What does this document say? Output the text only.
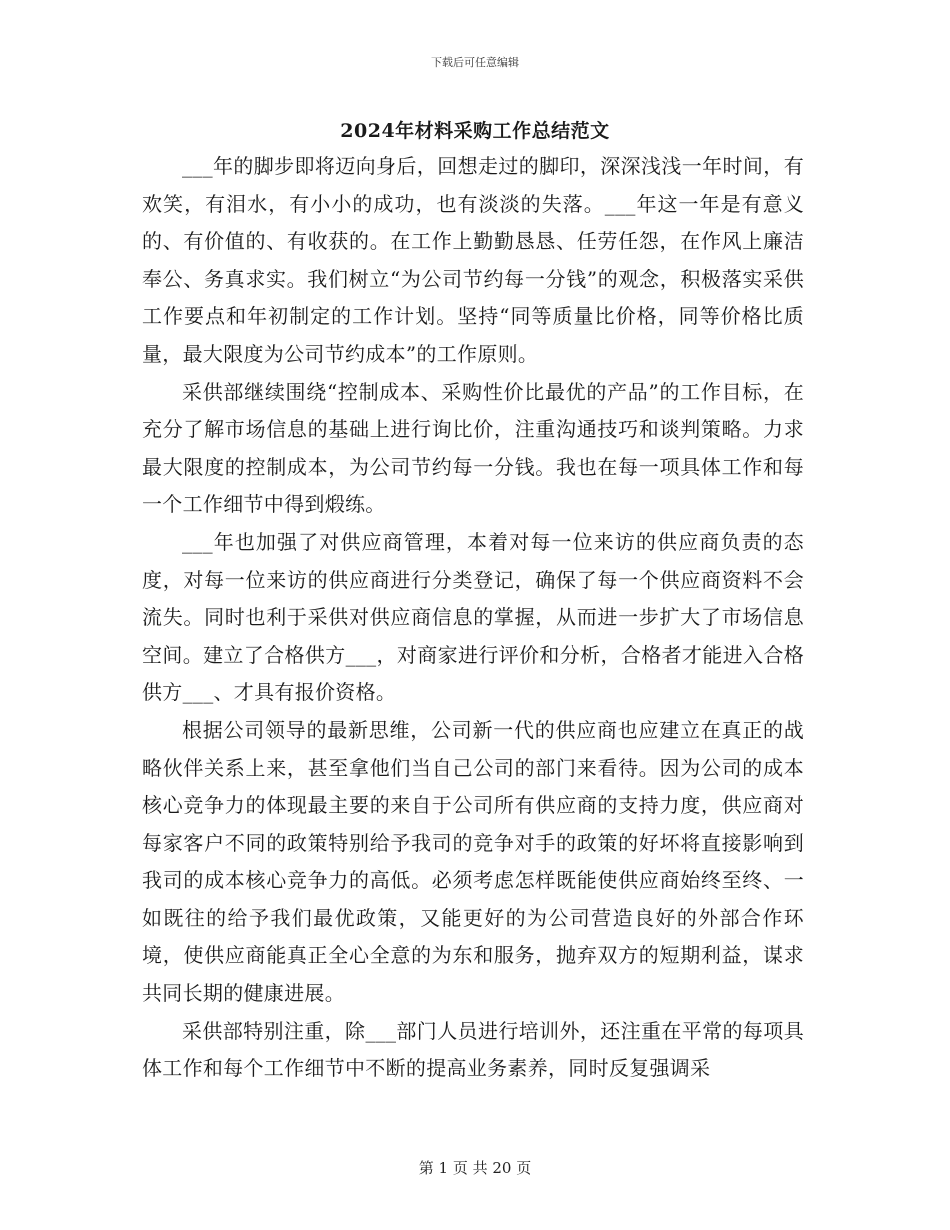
下载后可任意编辑
2024年材料采购工作总结范文

___年的脚步即将迈向身后，回想走过的脚印，深深浅浅一年时间，有欢笑，有泪水，有小小的成功，也有淡淡的失落。___年这一年是有意义的、有价值的、有收获的。在工作上勤勤恳恳、任劳任怨，在作风上廉洁奉公、务真求实。我们树立“为公司节约每一分钱”的观念，积极落实采供工作要点和年初制定的工作计划。坚持“同等质量比价格，同等价格比质量，最大限度为公司节约成本”的工作原则。

采供部继续围绕“控制成本、采购性价比最优的产品”的工作目标，在充分了解市场信息的基础上进行询比价，注重沟通技巧和谈判策略。力求最大限度的控制成本，为公司节约每一分钱。我也在每一项具体工作和每一个工作细节中得到煅练。

___年也加强了对供应商管理，本着对每一位来访的供应商负责的态度，对每一位来访的供应商进行分类登记，确保了每一个供应商资料不会流失。同时也利于采供对供应商信息的掌握，从而进一步扩大了市场信息空间。建立了合格供方___，对商家进行评价和分析，合格者才能进入合格供方___、才具有报价资格。

根据公司领导的最新思维，公司新一代的供应商也应建立在真正的战略伙伴关系上来，甚至拿他们当自己公司的部门来看待。因为公司的成本核心竞争力的体现最主要的来自于公司所有供应商的支持力度，供应商对每家客户不同的政策特别给予我司的竞争对手的政策的好坏将直接影响到我司的成本核心竞争力的高低。必须考虑怎样既能使供应商始终至终、一如既往的给予我们最优政策，又能更好的为公司营造良好的外部合作环境，使供应商能真正全心全意的为东和服务，抛弃双方的短期利益，谋求共同长期的健康进展。

采供部特别注重，除___部门人员进行培训外，还注重在平常的每项具体工作和每个工作细节中不断的提高业务素养，同时反复强调采

第 1 页 共 20 页
